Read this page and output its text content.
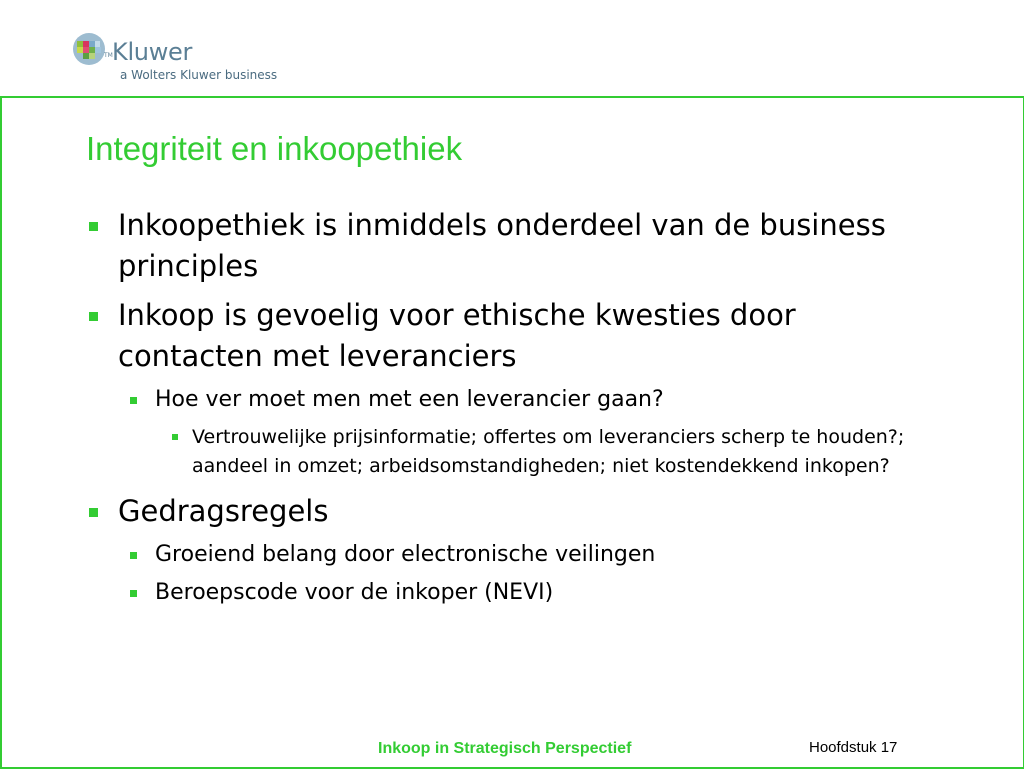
TM Kluwer
a Wolters Kluwer business
Integriteit en inkoopethiek
Inkoopethiek is inmiddels onderdeel van de business principles
Inkoop is gevoelig voor ethische kwesties door contacten met leveranciers
Hoe ver moet men met een leverancier gaan?
Vertrouwelijke prijsinformatie; offertes om leveranciers scherp te houden?; aandeel in omzet; arbeidsomstandigheden; niet kostendekkend inkopen?
Gedragsregels
Groeiend belang door electronische veilingen
Beroepscode voor de inkoper (NEVI)
Inkoop in Strategisch Perspectief	Hoofdstuk 17
